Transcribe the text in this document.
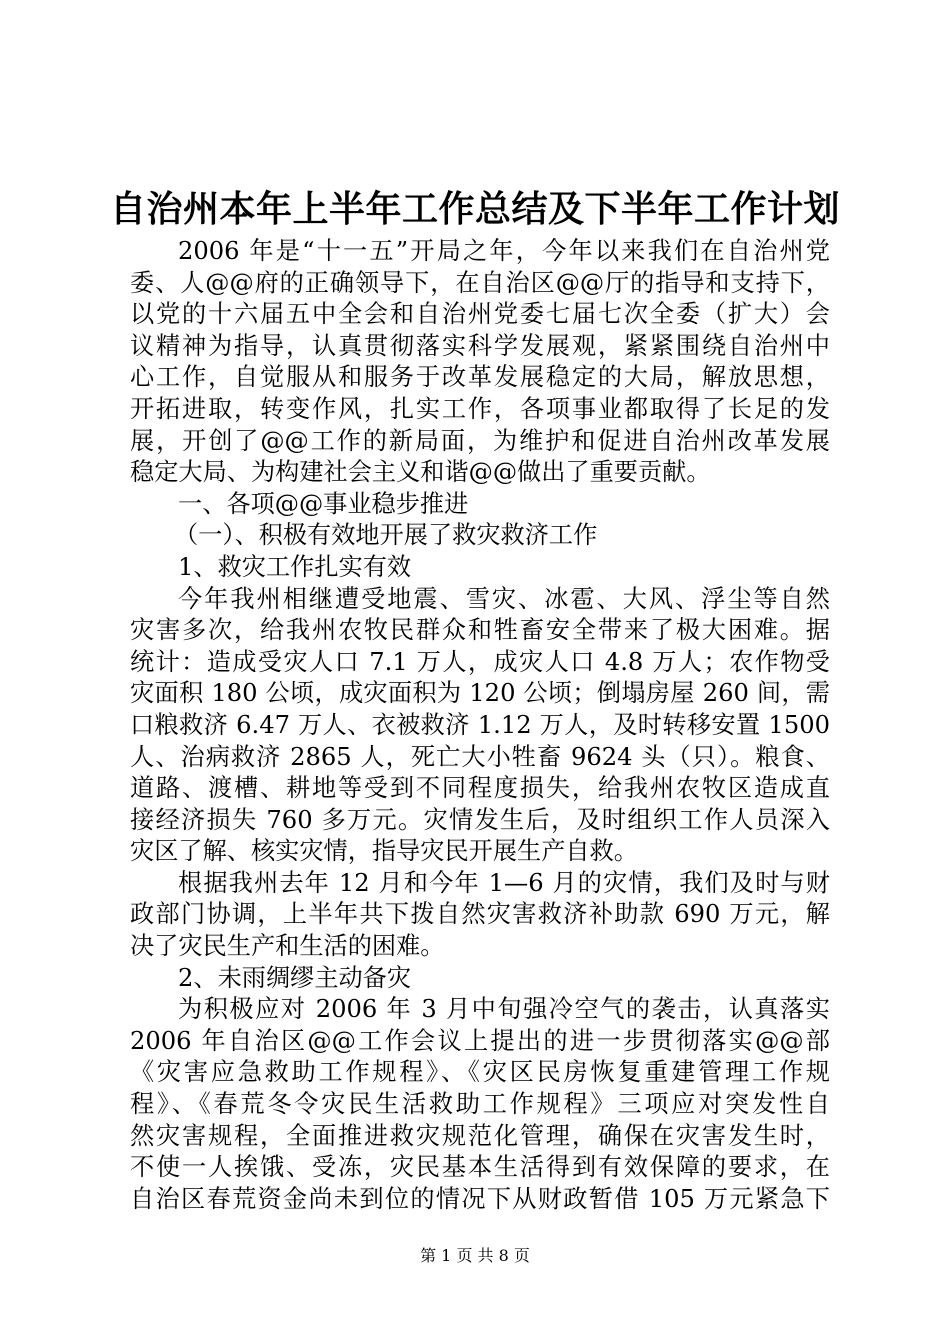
自治州本年上半年工作总结及下半年工作计划
2006 年是“十一五”开局之年，今年以来我们在自治州党
委、人@@府的正确领导下，在自治区@@厅的指导和支持下，
以党的十六届五中全会和自治州党委七届七次全委（扩大）会
议精神为指导，认真贯彻落实科学发展观，紧紧围绕自治州中
心工作，自觉服从和服务于改革发展稳定的大局，解放思想，
开拓进取，转变作风，扎实工作，各项事业都取得了长足的发
展，开创了@@工作的新局面，为维护和促进自治州改革发展
稳定大局、为构建社会主义和谐@@做出了重要贡献。
一、各项@@事业稳步推进
（一）、积极有效地开展了救灾救济工作
1、救灾工作扎实有效
今年我州相继遭受地震、雪灾、冰雹、大风、浮尘等自然
灾害多次，给我州农牧民群众和牲畜安全带来了极大困难。据
统计：造成受灾人口 7.1 万人，成灾人口 4.8 万人；农作物受
灾面积 180 公顷，成灾面积为 120 公顷；倒塌房屋 260 间，需
口粮救济 6.47 万人、衣被救济 1.12 万人，及时转移安置 1500
人、治病救济 2865 人，死亡大小牲畜 9624 头（只）。粮食、
道路、渡槽、耕地等受到不同程度损失，给我州农牧区造成直
接经济损失 760 多万元。灾情发生后，及时组织工作人员深入
灾区了解、核实灾情，指导灾民开展生产自救。
根据我州去年 12 月和今年 1—6 月的灾情，我们及时与财
政部门协调，上半年共下拨自然灾害救济补助款 690 万元，解
决了灾民生产和生活的困难。
2、未雨绸缪主动备灾
为积极应对 2006 年 3 月中旬强冷空气的袭击，认真落实
2006 年自治区@@工作会议上提出的进一步贯彻落实@@部
《灾害应急救助工作规程》、《灾区民房恢复重建管理工作规
程》、《春荒冬令灾民生活救助工作规程》三项应对突发性自
然灾害规程，全面推进救灾规范化管理，确保在灾害发生时，
不使一人挨饿、受冻，灾民基本生活得到有效保障的要求，在
自治区春荒资金尚未到位的情况下从财政暂借 105 万元紧急下
第 1 页 共 8 页
